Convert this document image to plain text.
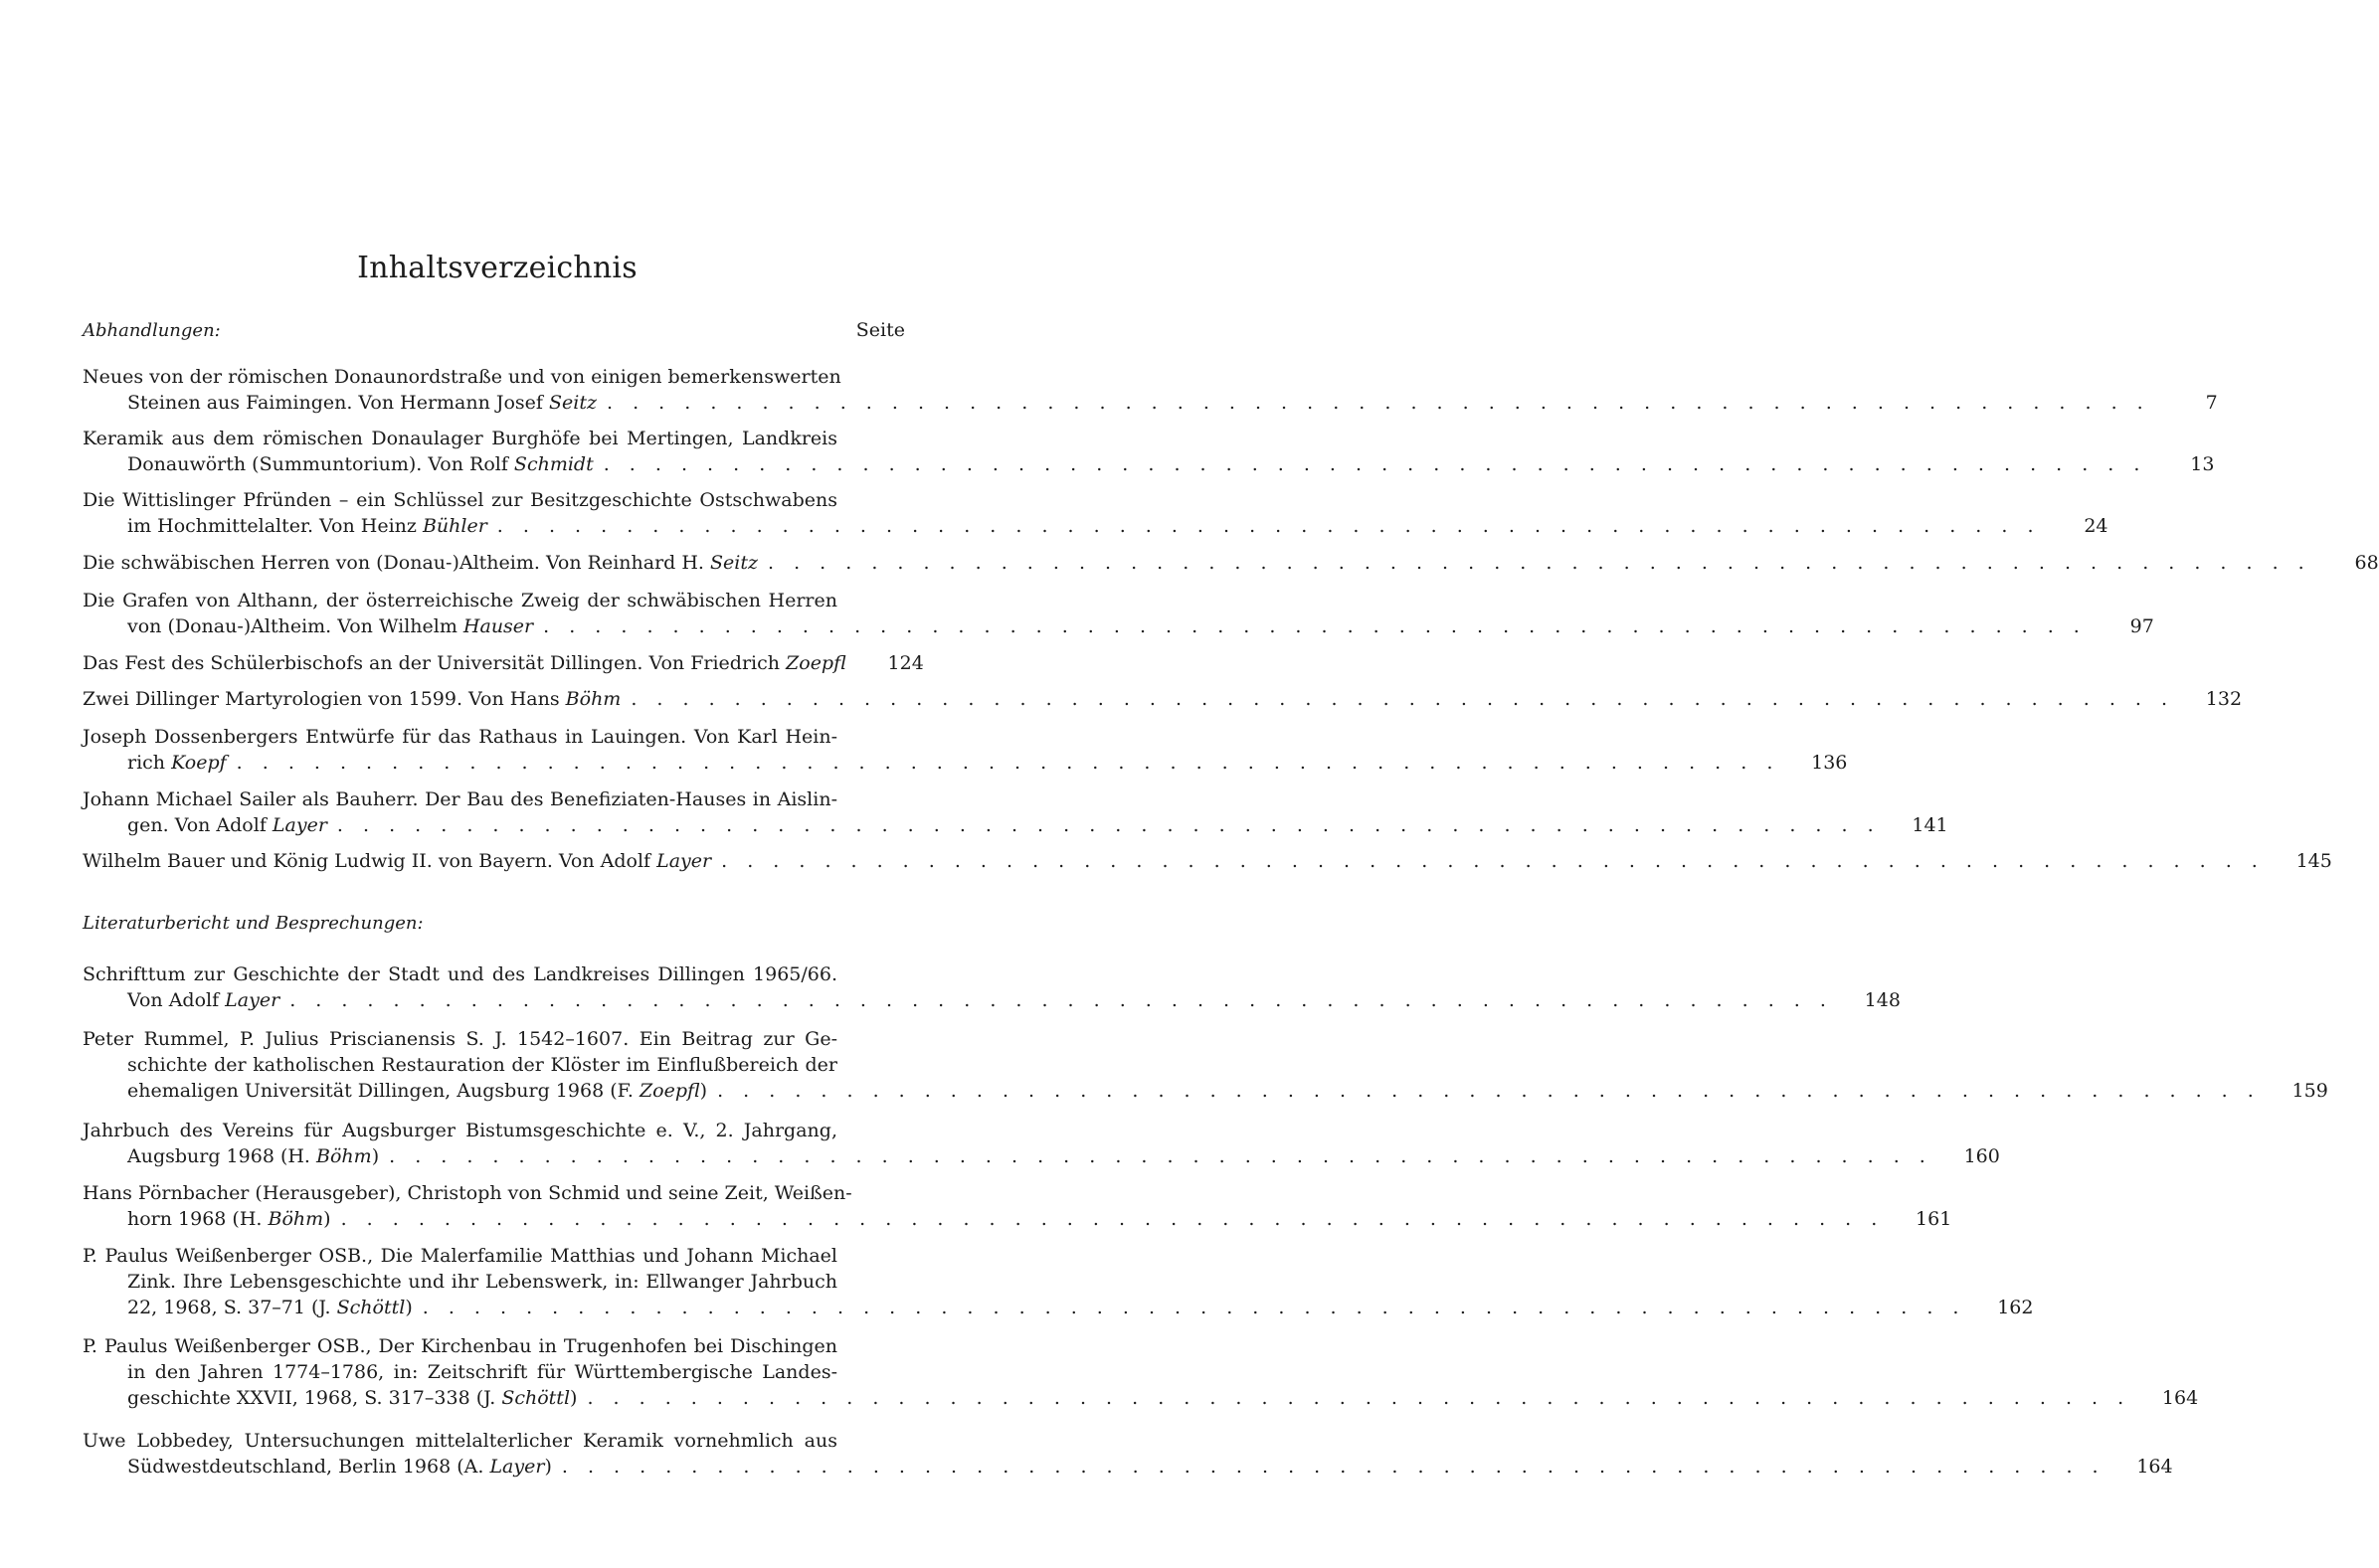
Inhaltsverzeichnis
Abhandlungen:	Seite
Literaturbericht und Besprechungen:
Neues von der römischen Donaunordstraße und von einigen bemerkenswerten
Steinen aus Faimingen. Von Hermann Josef Seitz . . . . . . . . . . . . . . . . . . . . . . . . . . . . . . . . . . . . . . . . . . . . . . . . . . . . . . . . . . . .	7
Keramik aus dem römischen Donaulager Burghöfe bei Mertingen, Landkreis
Donauwörth (Summuntorium). Von Rolf Schmidt . . . . . . . . . . . . . . . . . . . . . . . . . . . . . . . . . . . . . . . . . . . . . . . . . . . . . . . . . . . .	13
Die Wittislinger Pfründen – ein Schlüssel zur Besitzgeschichte Ostschwabens
im Hochmittelalter. Von Heinz Bühler . . . . . . . . . . . . . . . . . . . . . . . . . . . . . . . . . . . . . . . . . . . . . . . . . . . . . . . . . . . .	24
Die schwäbischen Herren von (Donau-)Altheim. Von Reinhard H. Seitz . . . . . . . . . . . . . . . . . . . . . . . . . . . . . . . . . . . . . . . . . . . . . . . . . . . . . . . . . . . .	68
Die Grafen von Althann, der österreichische Zweig der schwäbischen Herren
von (Donau-)Altheim. Von Wilhelm Hauser . . . . . . . . . . . . . . . . . . . . . . . . . . . . . . . . . . . . . . . . . . . . . . . . . . . . . . . . . . . .	97
Das Fest des Schülerbischofs an der Universität Dillingen. Von Friedrich Zoepfl	124
Zwei Dillinger Martyrologien von 1599. Von Hans Böhm . . . . . . . . . . . . . . . . . . . . . . . . . . . . . . . . . . . . . . . . . . . . . . . . . . . . . . . . . . . .	132
Joseph Dossenbergers Entwürfe für das Rathaus in Lauingen. Von Karl Hein-
rich Koepf . . . . . . . . . . . . . . . . . . . . . . . . . . . . . . . . . . . . . . . . . . . . . . . . . . . . . . . . . . . .	136
Johann Michael Sailer als Bauherr. Der Bau des Benefiziaten-Hauses in Aislin-
gen. Von Adolf Layer . . . . . . . . . . . . . . . . . . . . . . . . . . . . . . . . . . . . . . . . . . . . . . . . . . . . . . . . . . . .	141
Wilhelm Bauer und König Ludwig II. von Bayern. Von Adolf Layer . . . . . . . . . . . . . . . . . . . . . . . . . . . . . . . . . . . . . . . . . . . . . . . . . . . . . . . . . . . .	145
Schrifttum zur Geschichte der Stadt und des Landkreises Dillingen 1965/66.
Von Adolf Layer . . . . . . . . . . . . . . . . . . . . . . . . . . . . . . . . . . . . . . . . . . . . . . . . . . . . . . . . . . . .	148
Peter Rummel, P. Julius Priscianensis S. J. 1542–1607. Ein Beitrag zur Ge-
schichte der katholischen Restauration der Klöster im Einflußbereich der
ehemaligen Universität Dillingen, Augsburg 1968 (F. Zoepfl) . . . . . . . . . . . . . . . . . . . . . . . . . . . . . . . . . . . . . . . . . . . . . . . . . . . . . . . . . . . .	159
Jahrbuch des Vereins für Augsburger Bistumsgeschichte e. V., 2. Jahrgang,
Augsburg 1968 (H. Böhm) . . . . . . . . . . . . . . . . . . . . . . . . . . . . . . . . . . . . . . . . . . . . . . . . . . . . . . . . . . . .	160
Hans Pörnbacher (Herausgeber), Christoph von Schmid und seine Zeit, Weißen-
horn 1968 (H. Böhm) . . . . . . . . . . . . . . . . . . . . . . . . . . . . . . . . . . . . . . . . . . . . . . . . . . . . . . . . . . . .	161
P. Paulus Weißenberger OSB., Die Malerfamilie Matthias und Johann Michael
Zink. Ihre Lebensgeschichte und ihr Lebenswerk, in: Ellwanger Jahrbuch
22, 1968, S. 37–71 (J. Schöttl) . . . . . . . . . . . . . . . . . . . . . . . . . . . . . . . . . . . . . . . . . . . . . . . . . . . . . . . . . . . .	162
P. Paulus Weißenberger OSB., Der Kirchenbau in Trugenhofen bei Dischingen
in den Jahren 1774–1786, in: Zeitschrift für Württembergische Landes-
geschichte XXVII, 1968, S. 317–338 (J. Schöttl) . . . . . . . . . . . . . . . . . . . . . . . . . . . . . . . . . . . . . . . . . . . . . . . . . . . . . . . . . . . .	164
Uwe Lobbedey, Untersuchungen mittelalterlicher Keramik vornehmlich aus
Südwestdeutschland, Berlin 1968 (A. Layer) . . . . . . . . . . . . . . . . . . . . . . . . . . . . . . . . . . . . . . . . . . . . . . . . . . . . . . . . . . . .	164
